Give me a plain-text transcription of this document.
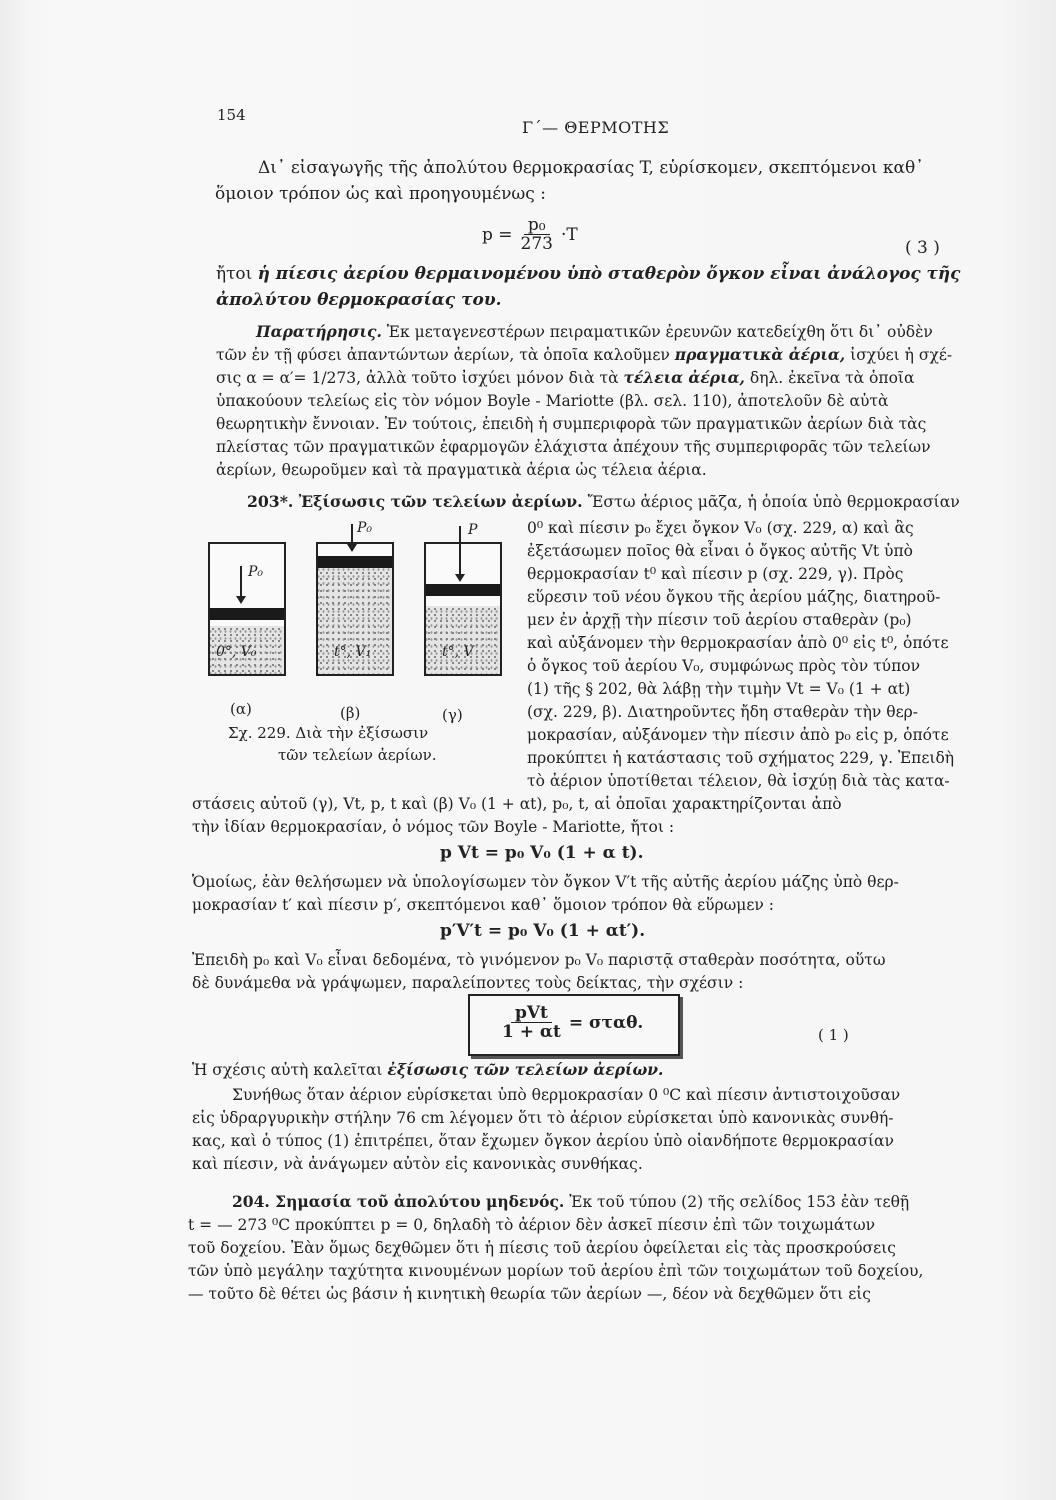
154
Γ΄— ΘΕΡΜΟΤΗΣ
Δι᾽ εἰσαγωγῆς τῆς ἀπολύτου θερμοκρασίας T, εὑρίσκομεν, σκεπτόμενοι καθ᾽
ὅμοιον τρόπον ὡς καὶ προηγουμένως :
$p = \frac{\text{p₀}}{273} \cdot T$
( 3 )
ἤτοι ἡ πίεσις ἀερίου θερμαινομένου ὑπὸ σταθερὸν ὄγκον εἶναι ἀνάλογος τῆς
ἀπολύτου θερμοκρασίας του.
Παρατήρησις. Ἐκ μεταγενεστέρων πειραματικῶν ἐρευνῶν κατεδείχθη ὅτι δι᾽ οὐδὲν
τῶν ἐν τῇ φύσει ἀπαντώντων ἀερίων, τὰ ὁποῖα καλοῦμεν πραγματικὰ ἀέρια, ἰσχύει ἡ σχέ-
σις α = α′= 1/273, ἀλλὰ τοῦτο ἰσχύει μόνον διὰ τὰ τέλεια ἀέρια, δηλ. ἐκεῖνα τὰ ὁποῖα
ὑπακούουν τελείως εἰς τὸν νόμον Boyle - Mariotte (βλ. σελ. 110), ἀποτελοῦν δὲ αὐτὰ
θεωρητικὴν ἔννοιαν. Ἐν τούτοις, ἐπειδὴ ἡ συμπεριφορὰ τῶν πραγματικῶν ἀερίων διὰ τὰς
πλείστας τῶν πραγματικῶν ἐφαρμογῶν ἐλάχιστα ἀπέχουν τῆς συμπεριφορᾶς τῶν τελείων
ἀερίων, θεωροῦμεν καὶ τὰ πραγματικὰ ἀέρια ὡς τέλεια ἀέρια.
203*. Ἐξίσωσις τῶν τελείων ἀερίων. Ἔστω ἀέριος μᾶζα, ἡ ὁποία ὑπὸ θερμοκρασίαν
0°, V₀
P₀
t°, V₁
P₀
t°, V
P
(α)	(β)	(γ)
Σχ. 229. Διὰ τὴν ἐξίσωσιν
τῶν τελείων ἀερίων.
0⁰ καὶ πίεσιν p₀ ἔχει ὄγκον V₀ (σχ. 229, α) καὶ ἂς
ἐξετάσωμεν ποῖος θὰ εἶναι ὁ ὄγκος αὐτῆς Vt ὑπὸ
θερμοκρασίαν t⁰ καὶ πίεσιν p (σχ. 229, γ). Πρὸς
εὕρεσιν τοῦ νέου ὄγκου τῆς ἀερίου μάζης, διατηροῦ-
μεν ἐν ἀρχῇ τὴν πίεσιν τοῦ ἀερίου σταθερὰν (p₀)
καὶ αὐξάνομεν τὴν θερμοκρασίαν ἀπὸ 0⁰ εἰς t⁰, ὁπότε
ὁ ὄγκος τοῦ ἀερίου V₀, συμφώνως πρὸς τὸν τύπον
(1) τῆς § 202, θὰ λάβῃ τὴν τιμὴν Vt = V₀ (1 + αt)
(σχ. 229, β). Διατηροῦντες ἤδη σταθερὰν τὴν θερ-
μοκρασίαν, αὐξάνομεν τὴν πίεσιν ἀπὸ p₀ εἰς p, ὁπότε
προκύπτει ἡ κατάστασις τοῦ σχήματος 229, γ. Ἐπειδὴ
τὸ ἀέριον ὑποτίθεται τέλειον, θὰ ἰσχύῃ διὰ τὰς κατα-
στάσεις αὐτοῦ (γ), Vt, p, t καὶ (β) V₀ (1 + αt), p₀, t, αἱ ὁποῖαι χαρακτηρίζονται ἀπὸ
τὴν ἰδίαν θερμοκρασίαν, ὁ νόμος τῶν Boyle - Mariotte, ἤτοι :
p Vt = p₀ V₀ (1 + α t).
Ὁμοίως, ἐὰν θελήσωμεν νὰ ὑπολογίσωμεν τὸν ὄγκον V′t τῆς αὐτῆς ἀερίου μάζης ὑπὸ θερ-
μοκρασίαν t′ καὶ πίεσιν p′, σκεπτόμενοι καθ᾽ ὅμοιον τρόπον θὰ εὕρωμεν :
p′V′t = p₀ V₀ (1 + αt′).
Ἐπειδὴ p₀ καὶ V₀ εἶναι δεδομένα, τὸ γινόμενον p₀ V₀ παριστᾷ σταθερὰν ποσότητα, οὕτω
δὲ δυνάμεθα νὰ γράψωμεν, παραλείποντες τοὺς δείκτας, τὴν σχέσιν :
$\frac{\text{pVt}}{1 + \alpha t} = \sigma\tau\alpha\theta$.
( 1 )
Ἡ σχέσις αὐτὴ καλεῖται ἐξίσωσις τῶν τελείων ἀερίων.
Συνήθως ὅταν ἀέριον εὑρίσκεται ὑπὸ θερμοκρασίαν 0 ⁰C καὶ πίεσιν ἀντιστοιχοῦσαν
εἰς ὑδραργυρικὴν στήλην 76 cm λέγομεν ὅτι τὸ ἀέριον εὑρίσκεται ὑπὸ κανονικὰς συνθή-
κας, καὶ ὁ τύπος (1) ἐπιτρέπει, ὅταν ἔχωμεν ὄγκον ἀερίου ὑπὸ οἱανδήποτε θερμοκρασίαν
καὶ πίεσιν, νὰ ἀνάγωμεν αὐτὸν εἰς κανονικὰς συνθήκας.
204. Σημασία τοῦ ἀπολύτου μηδενός. Ἐκ τοῦ τύπου (2) τῆς σελίδος 153 ἐὰν τεθῇ
t = — 273 ⁰C προκύπτει p = 0, δηλαδὴ τὸ ἀέριον δὲν ἀσκεῖ πίεσιν ἐπὶ τῶν τοιχωμάτων
τοῦ δοχείου. Ἐὰν ὅμως δεχθῶμεν ὅτι ἡ πίεσις τοῦ ἀερίου ὀφείλεται εἰς τὰς προσκρούσεις
τῶν ὑπὸ μεγάλην ταχύτητα κινουμένων μορίων τοῦ ἀερίου ἐπὶ τῶν τοιχωμάτων τοῦ δοχείου,
— τοῦτο δὲ θέτει ὡς βάσιν ἡ κινητικὴ θεωρία τῶν ἀερίων —, δέον νὰ δεχθῶμεν ὅτι εἰς
